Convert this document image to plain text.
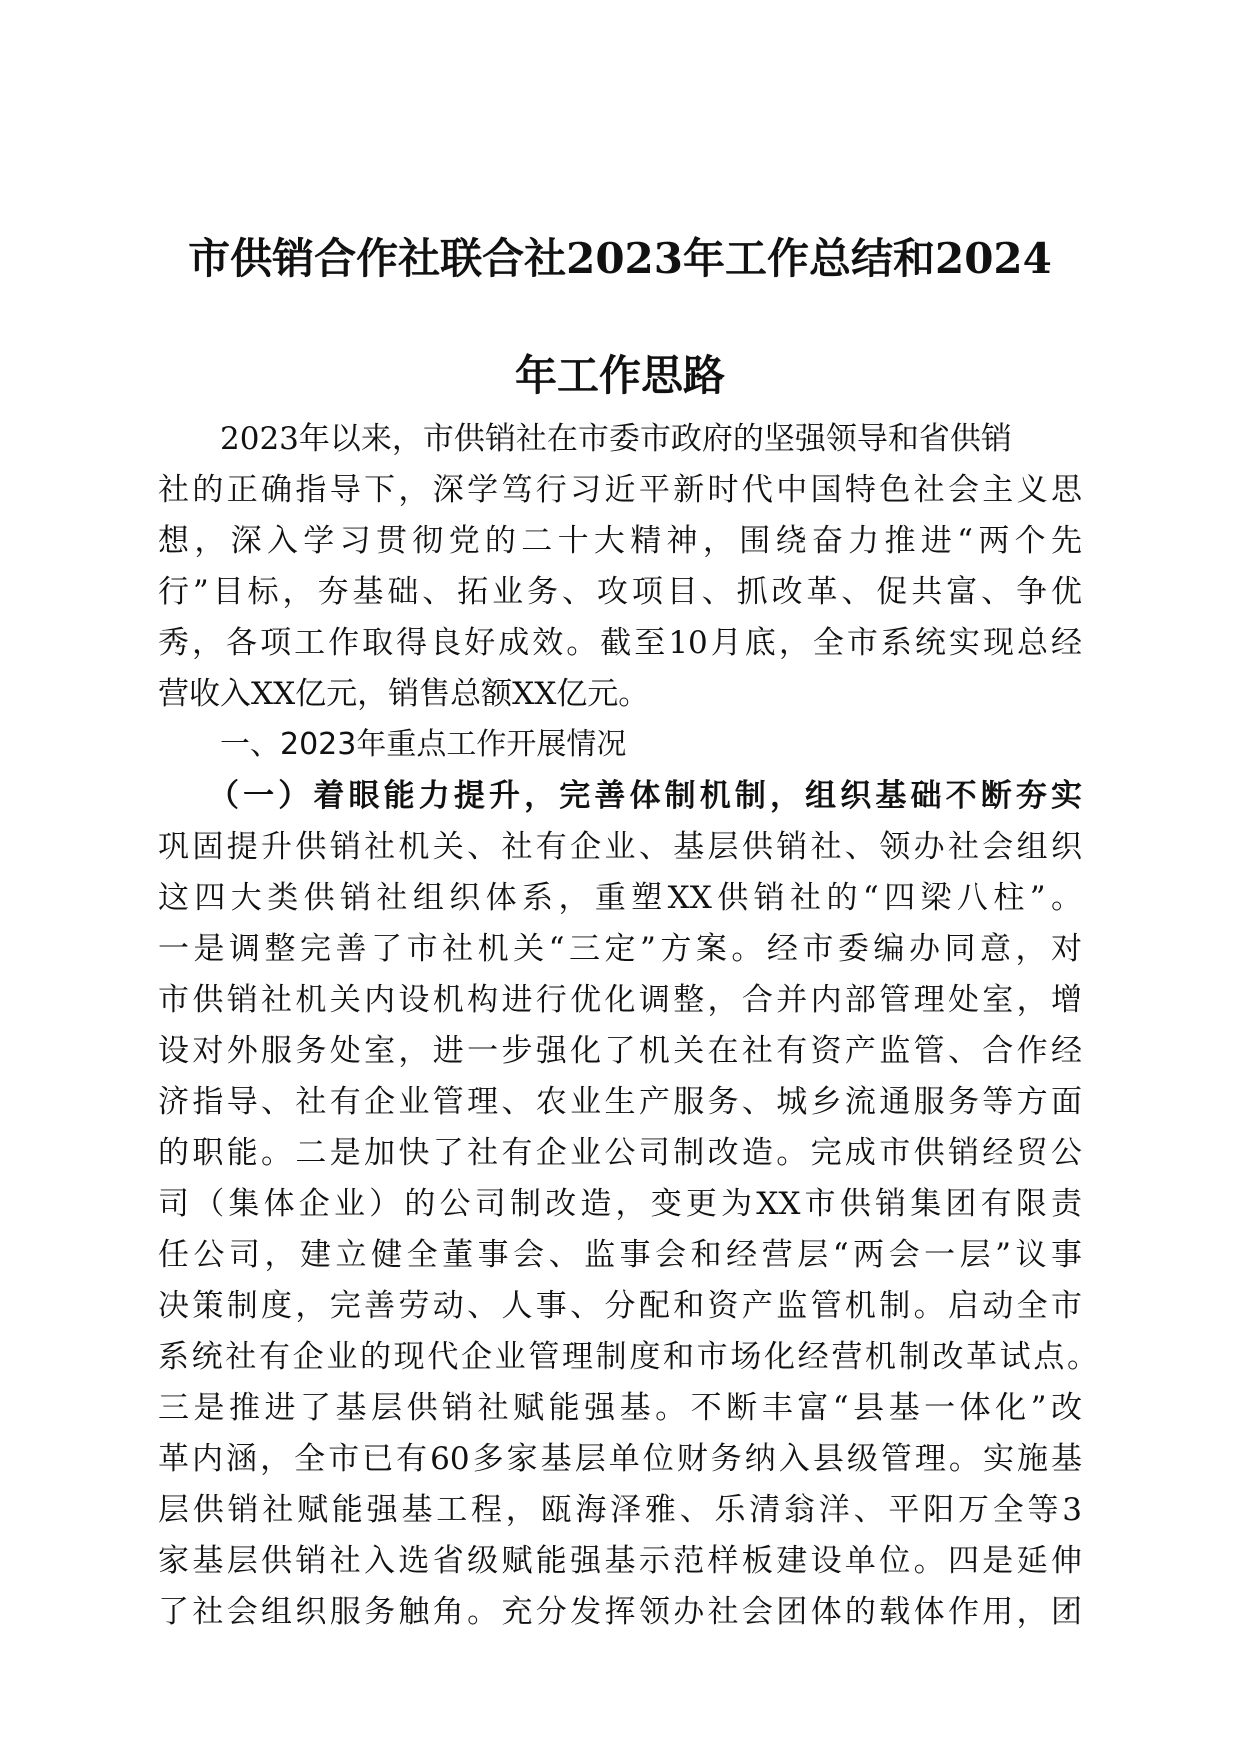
市供销合作社联合社2023年工作总结和2024
年工作思路
2023年以来，市供销社在市委市政府的坚强领导和省供销
社的正确指导下，深学笃行习近平新时代中国特色社会主义思
想，深入学习贯彻党的二十大精神，围绕奋力推进“两个先
行”目标，夯基础、拓业务、攻项目、抓改革、促共富、争优
秀，各项工作取得良好成效。截至10月底，全市系统实现总经
营收入XX亿元，销售总额XX亿元。
一、2023年重点工作开展情况
（一）着眼能力提升，完善体制机制，组织基础不断夯实
巩固提升供销社机关、社有企业、基层供销社、领办社会组织
这四大类供销社组织体系，重塑XX供销社的“四梁八柱”。
一是调整完善了市社机关“三定”方案。经市委编办同意，对
市供销社机关内设机构进行优化调整，合并内部管理处室，增
设对外服务处室，进一步强化了机关在社有资产监管、合作经
济指导、社有企业管理、农业生产服务、城乡流通服务等方面
的职能。二是加快了社有企业公司制改造。完成市供销经贸公
司（集体企业）的公司制改造，变更为XX市供销集团有限责
任公司，建立健全董事会、监事会和经营层“两会一层”议事
决策制度，完善劳动、人事、分配和资产监管机制。启动全市
系统社有企业的现代企业管理制度和市场化经营机制改革试点。
三是推进了基层供销社赋能强基。不断丰富“县基一体化”改
革内涵，全市已有60多家基层单位财务纳入县级管理。实施基
层供销社赋能强基工程，瓯海泽雅、乐清翁洋、平阳万全等3
家基层供销社入选省级赋能强基示范样板建设单位。四是延伸
了社会组织服务触角。充分发挥领办社会团体的载体作用，团
